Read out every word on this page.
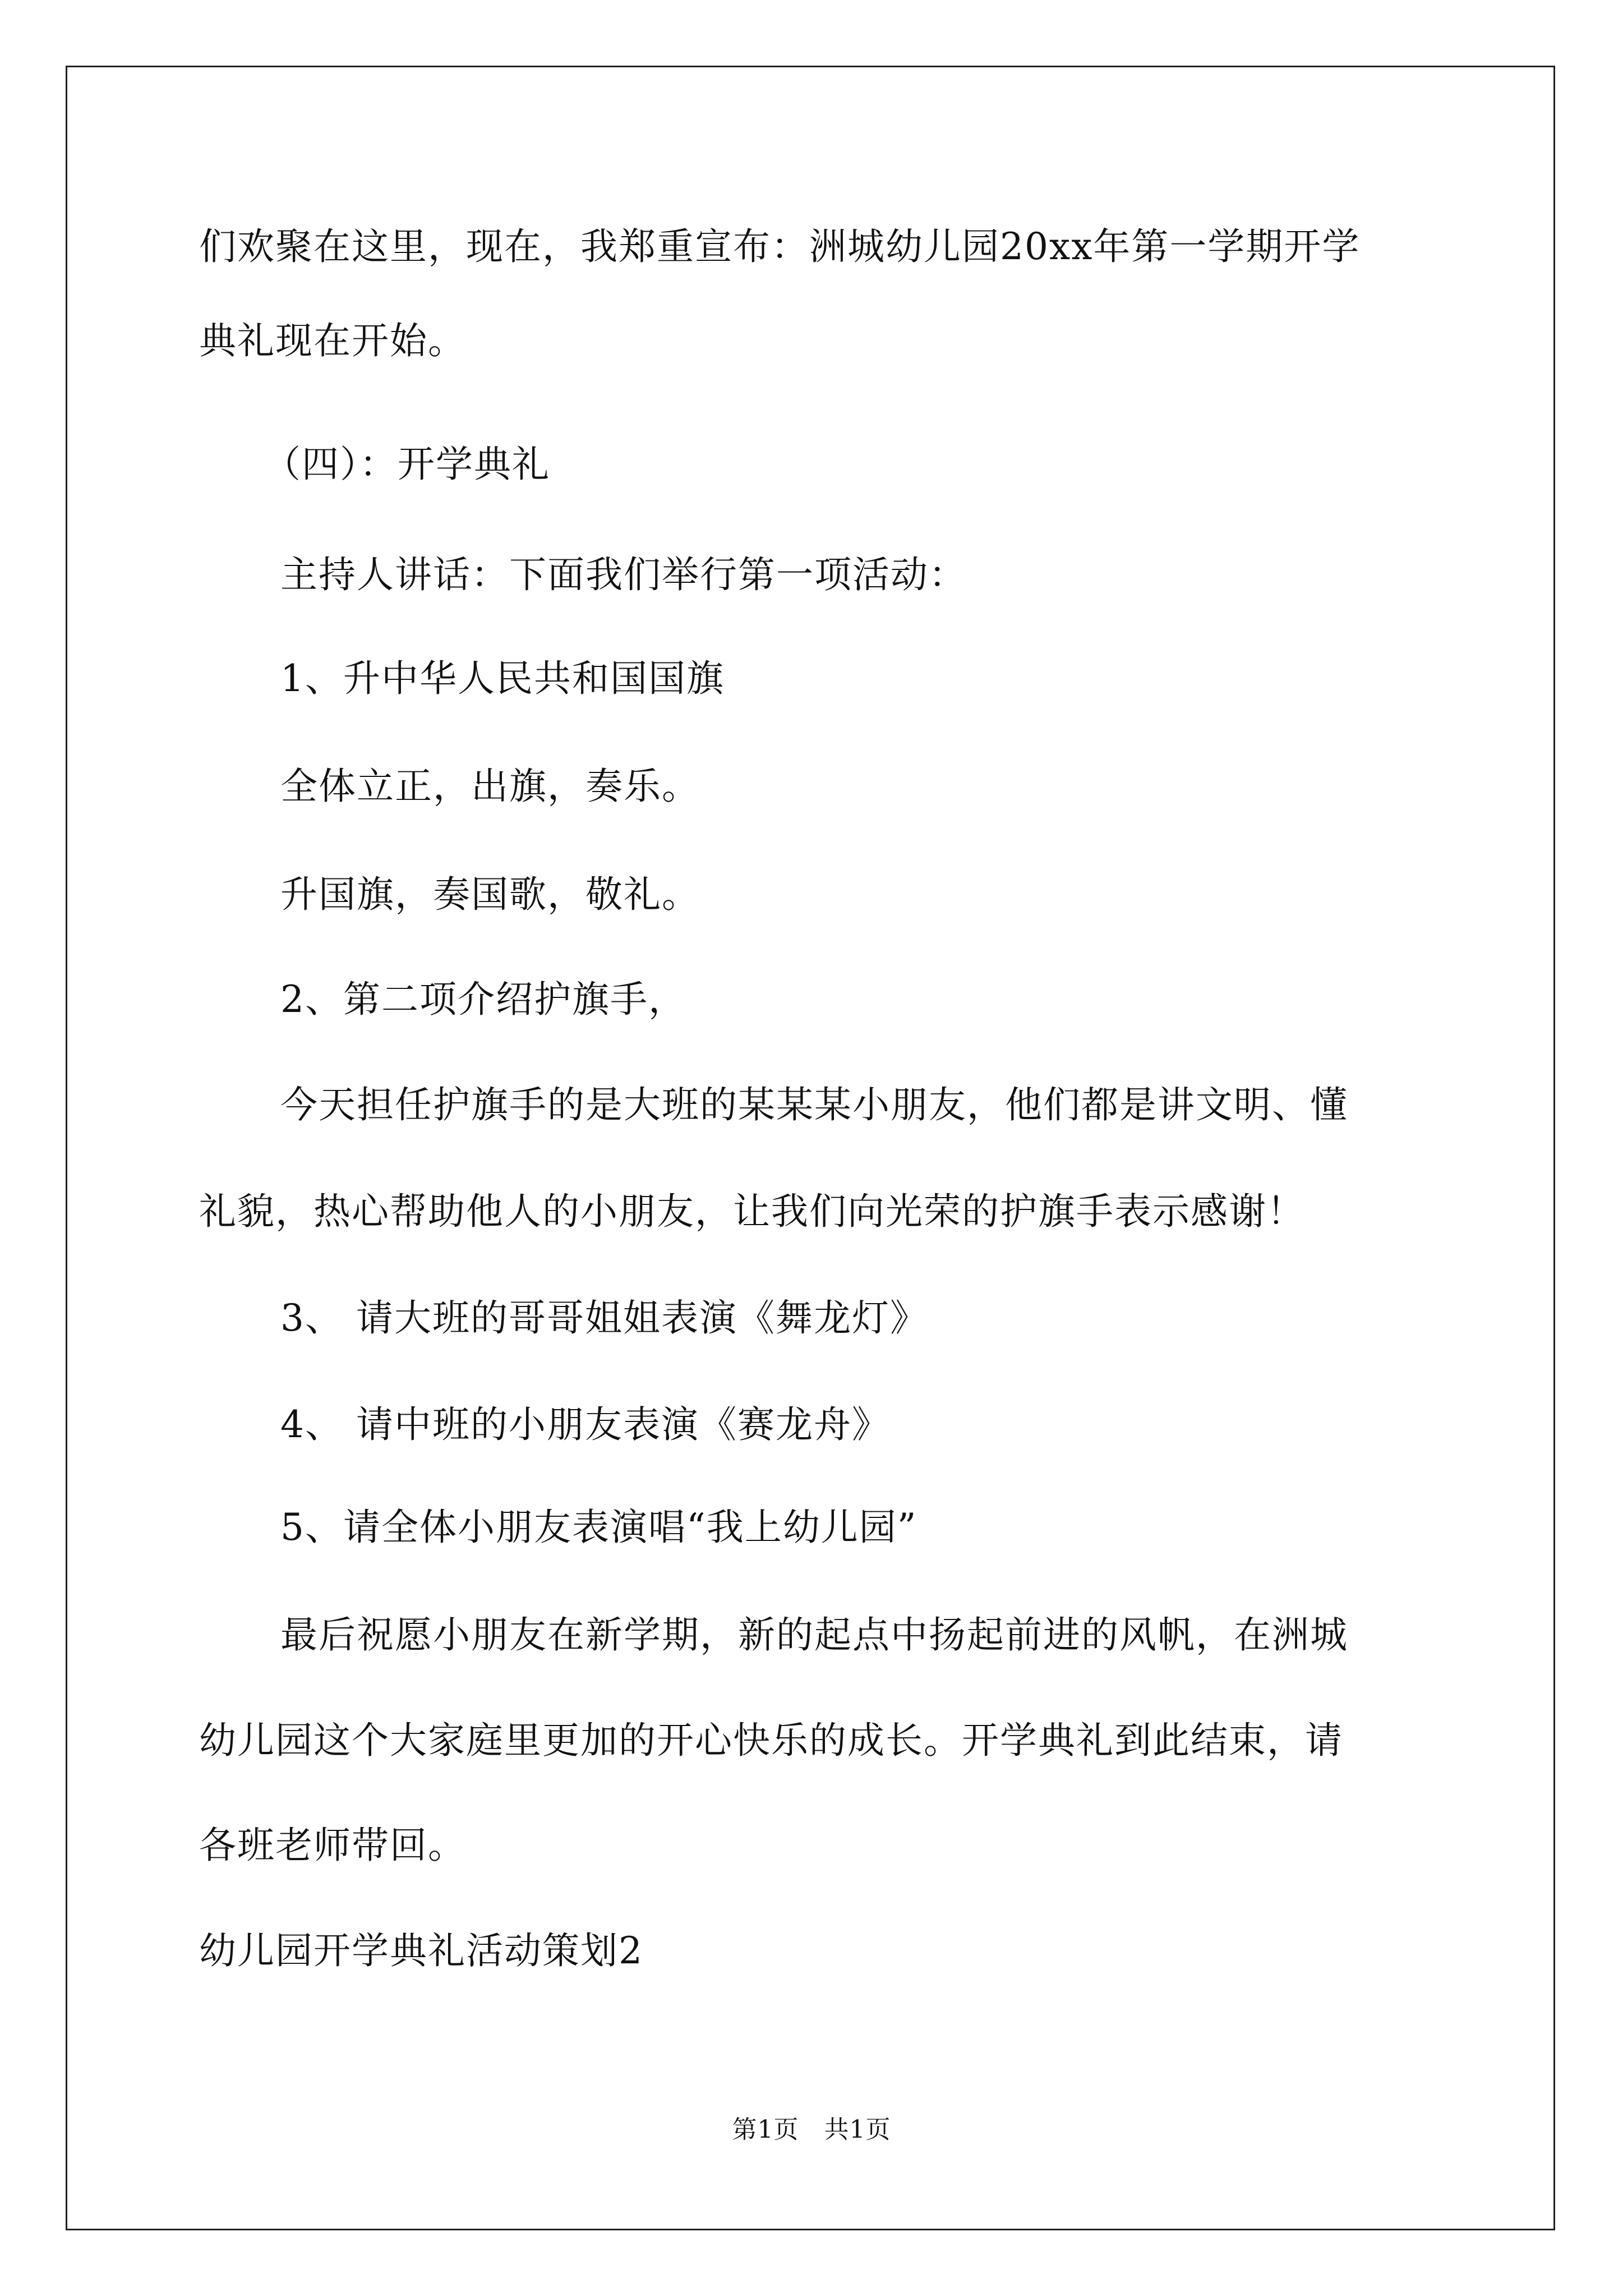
们欢聚在这里，现在，我郑重宣布：洲城幼儿园20xx年第一学期开学
典礼现在开始。
（四）：开学典礼
主持人讲话：下面我们举行第一项活动：
1、升中华人民共和国国旗
全体立正，出旗，奏乐。
升国旗，奏国歌，敬礼。
2、第二项介绍护旗手，
今天担任护旗手的是大班的某某某小朋友，他们都是讲文明、懂
礼貌，热心帮助他人的小朋友，让我们向光荣的护旗手表示感谢！
3、 请大班的哥哥姐姐表演《舞龙灯》
4、 请中班的小朋友表演《赛龙舟》
5、请全体小朋友表演唱“我上幼儿园”
最后祝愿小朋友在新学期，新的起点中扬起前进的风帆，在洲城
幼儿园这个大家庭里更加的开心快乐的成长。开学典礼到此结束，请
各班老师带回。
幼儿园开学典礼活动策划2
第1页　共1页
